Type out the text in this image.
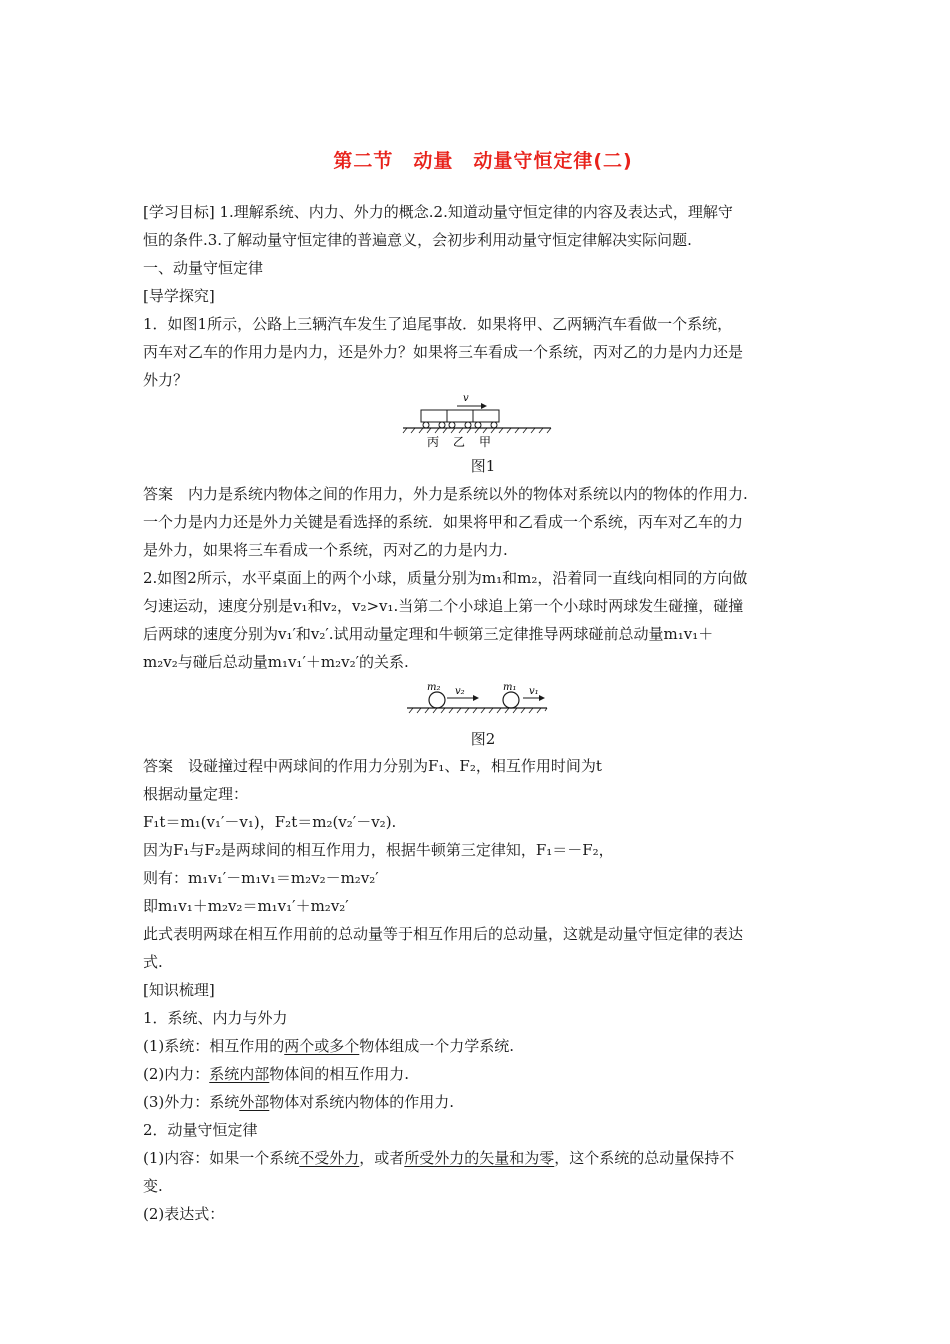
第二节　动量　动量守恒定律(二)
[学习目标] 1.理解系统、内力、外力的概念.2.知道动量守恒定律的内容及表达式，理解守
恒的条件.3.了解动量守恒定律的普遍意义，会初步利用动量守恒定律解决实际问题.
一、动量守恒定律
[导学探究]
1．如图1所示，公路上三辆汽车发生了追尾事故．如果将甲、乙两辆汽车看做一个系统，
丙车对乙车的作用力是内力，还是外力？如果将三车看成一个系统，丙对乙的力是内力还是
外力？
v
丙 乙 甲
图1
答案　内力是系统内物体之间的作用力，外力是系统以外的物体对系统以内的物体的作用力.
一个力是内力还是外力关键是看选择的系统．如果将甲和乙看成一个系统，丙车对乙车的力
是外力，如果将三车看成一个系统，丙对乙的力是内力.
2.如图2所示，水平桌面上的两个小球，质量分别为m₁和m₂，沿着同一直线向相同的方向做
匀速运动，速度分别是v₁和v₂，v₂>v₁.当第二个小球追上第一个小球时两球发生碰撞，碰撞
后两球的速度分别为v₁′和v₂′.试用动量定理和牛顿第三定律推导两球碰前总动量m₁v₁＋
m₂v₂与碰后总动量m₁v₁′＋m₂v₂′的关系.
m₂ v₂	m₁ v₁
图2
答案　设碰撞过程中两球间的作用力分别为F₁、F₂，相互作用时间为t
根据动量定理：
F₁t＝m₁(v₁′－v₁)，F₂t＝m₂(v₂′－v₂).
因为F₁与F₂是两球间的相互作用力，根据牛顿第三定律知，F₁＝－F₂，
则有：m₁v₁′－m₁v₁＝m₂v₂－m₂v₂′
即m₁v₁＋m₂v₂＝m₁v₁′＋m₂v₂′
此式表明两球在相互作用前的总动量等于相互作用后的总动量，这就是动量守恒定律的表达
式.
[知识梳理]
1．系统、内力与外力
(1)系统：相互作用的两个或多个物体组成一个力学系统.
(2)内力：系统内部物体间的相互作用力.
(3)外力：系统外部物体对系统内物体的作用力.
2．动量守恒定律
(1)内容：如果一个系统不受外力，或者所受外力的矢量和为零，这个系统的总动量保持不
变.
(2)表达式：
